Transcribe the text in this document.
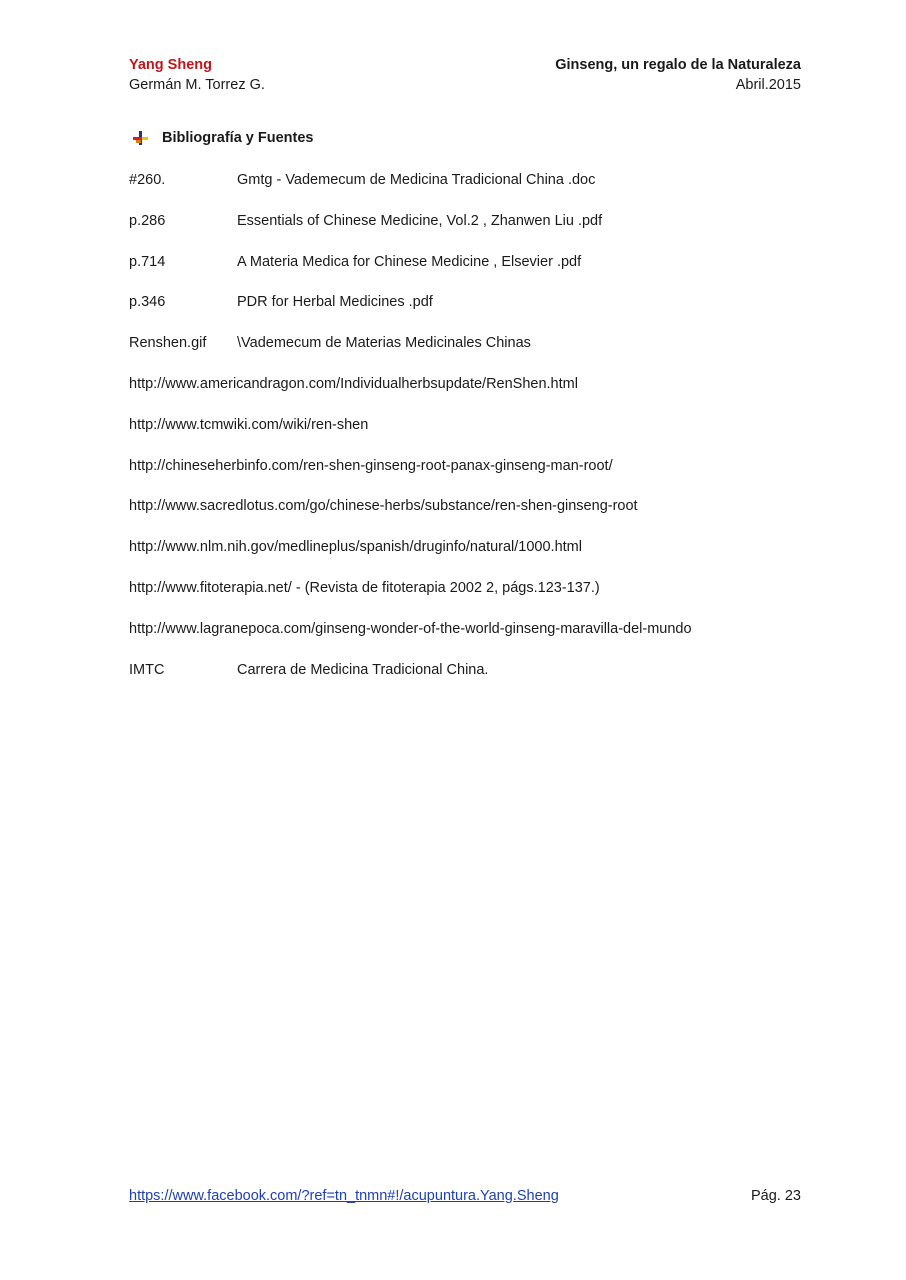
Yang Sheng
Germán M. Torrez G.
Ginseng, un regalo de la Naturaleza
Abril.2015
Bibliografía y Fuentes
#260.	Gmtg - Vademecum de Medicina Tradicional China .doc
p.286	Essentials of Chinese Medicine, Vol.2 , Zhanwen Liu .pdf
p.714	A Materia Medica for Chinese Medicine , Elsevier .pdf
p.346	PDR for Herbal Medicines .pdf
Renshen.gif	\Vademecum de Materias Medicinales Chinas
http://www.americandragon.com/Individualherbsupdate/RenShen.html
http://www.tcmwiki.com/wiki/ren-shen
http://chineseherbinfo.com/ren-shen-ginseng-root-panax-ginseng-man-root/
http://www.sacredlotus.com/go/chinese-herbs/substance/ren-shen-ginseng-root
http://www.nlm.nih.gov/medlineplus/spanish/druginfo/natural/1000.html
http://www.fitoterapia.net/ - (Revista de fitoterapia 2002 2, págs.123-137.)
http://www.lagranepoca.com/ginseng-wonder-of-the-world-ginseng-maravilla-del-mundo
IMTC	Carrera de Medicina Tradicional China.
https://www.facebook.com/?ref=tn_tnmn#!/acupuntura.Yang.Sheng	Pág. 23
